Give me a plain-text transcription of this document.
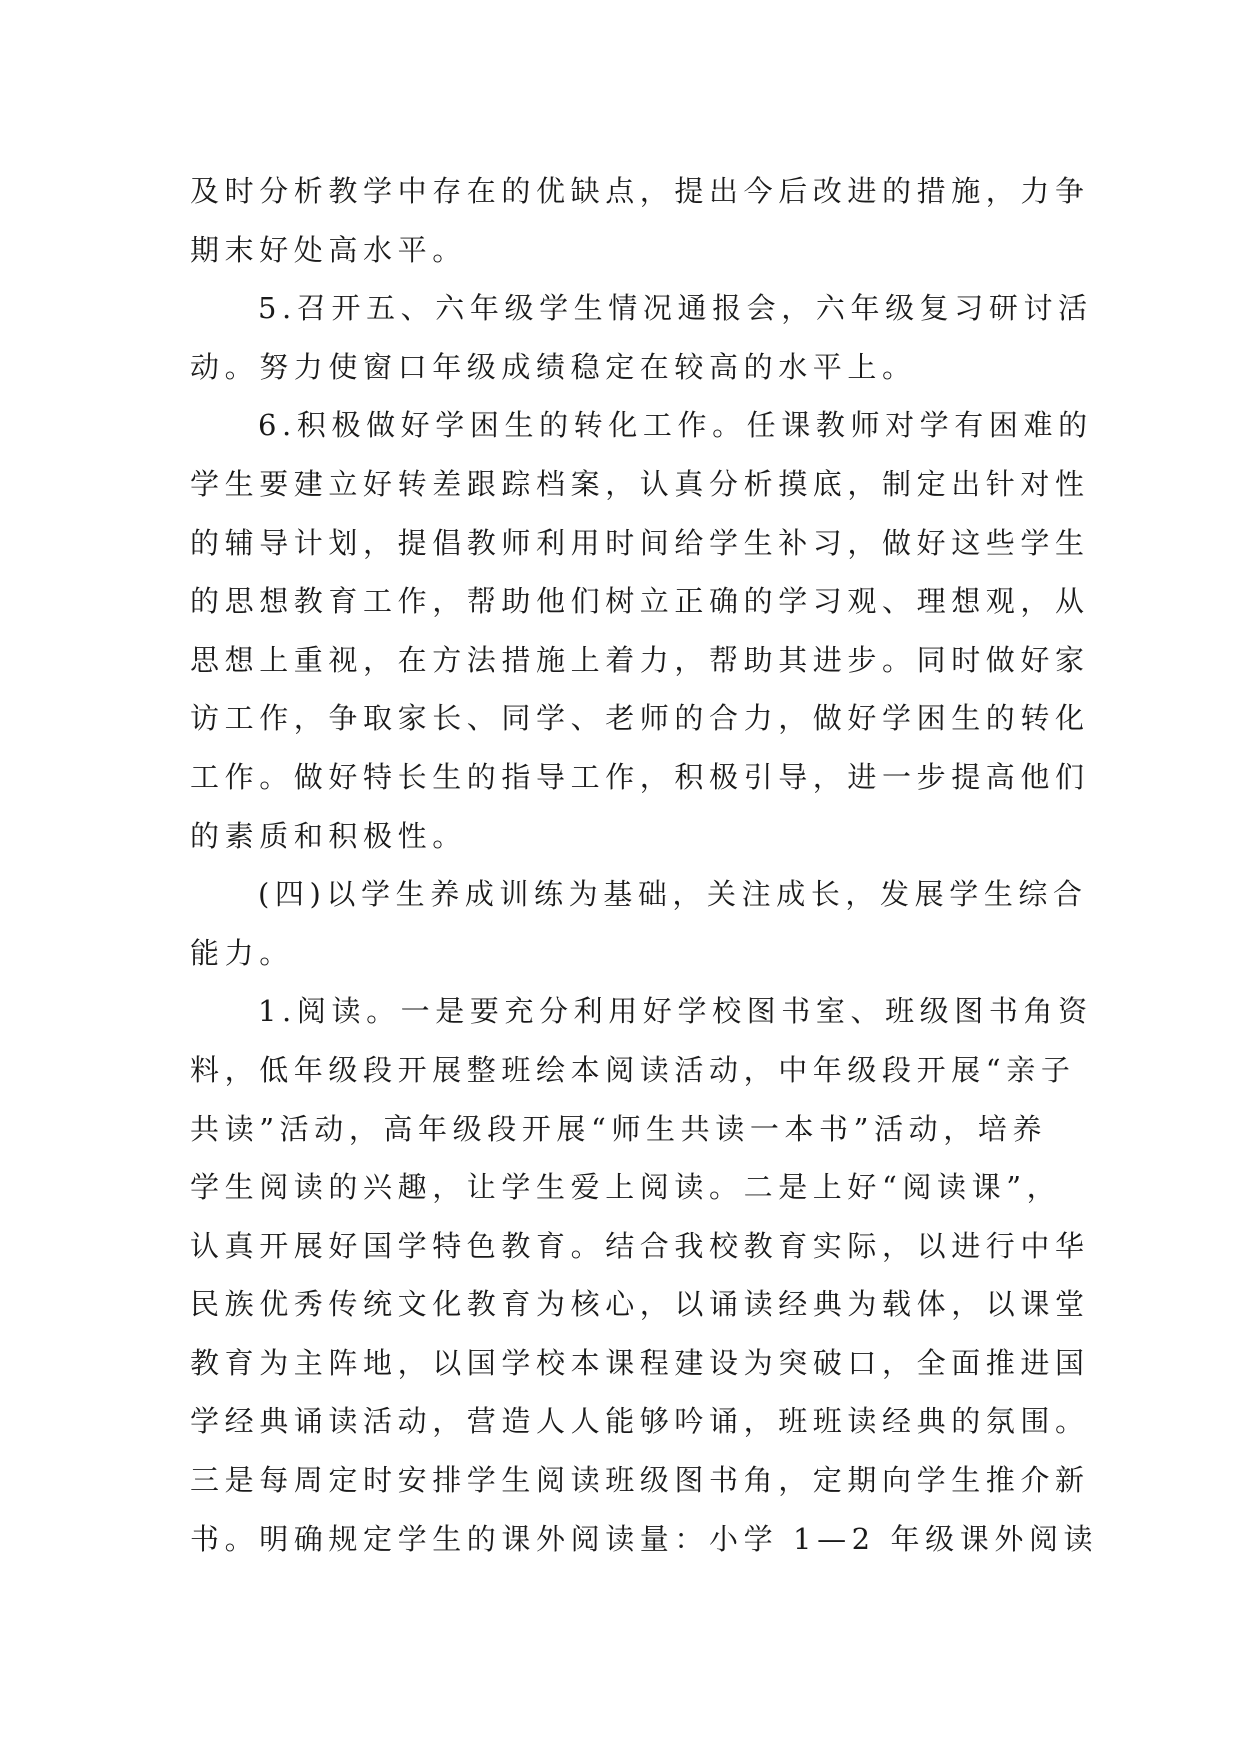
及时分析教学中存在的优缺点，提出今后改进的措施，力争
期末好处高水平。
5.召开五、六年级学生情况通报会，六年级复习研讨活
动。努力使窗口年级成绩稳定在较高的水平上。
6.积极做好学困生的转化工作。任课教师对学有困难的
学生要建立好转差跟踪档案，认真分析摸底，制定出针对性
的辅导计划，提倡教师利用时间给学生补习，做好这些学生
的思想教育工作，帮助他们树立正确的学习观、理想观，从
思想上重视，在方法措施上着力，帮助其进步。同时做好家
访工作，争取家长、同学、老师的合力，做好学困生的转化
工作。做好特长生的指导工作，积极引导，进一步提高他们
的素质和积极性。
(四)以学生养成训练为基础，关注成长，发展学生综合
能力。
1.阅读。一是要充分利用好学校图书室、班级图书角资
料，低年级段开展整班绘本阅读活动，中年级段开展“亲子
共读”活动，高年级段开展“师生共读一本书”活动，培养
学生阅读的兴趣，让学生爱上阅读。二是上好“阅读课”，
认真开展好国学特色教育。结合我校教育实际，以进行中华
民族优秀传统文化教育为核心，以诵读经典为载体，以课堂
教育为主阵地，以国学校本课程建设为突破口，全面推进国
学经典诵读活动，营造人人能够吟诵，班班读经典的氛围。
三是每周定时安排学生阅读班级图书角，定期向学生推介新
书。明确规定学生的课外阅读量：小学 1—2 年级课外阅读
